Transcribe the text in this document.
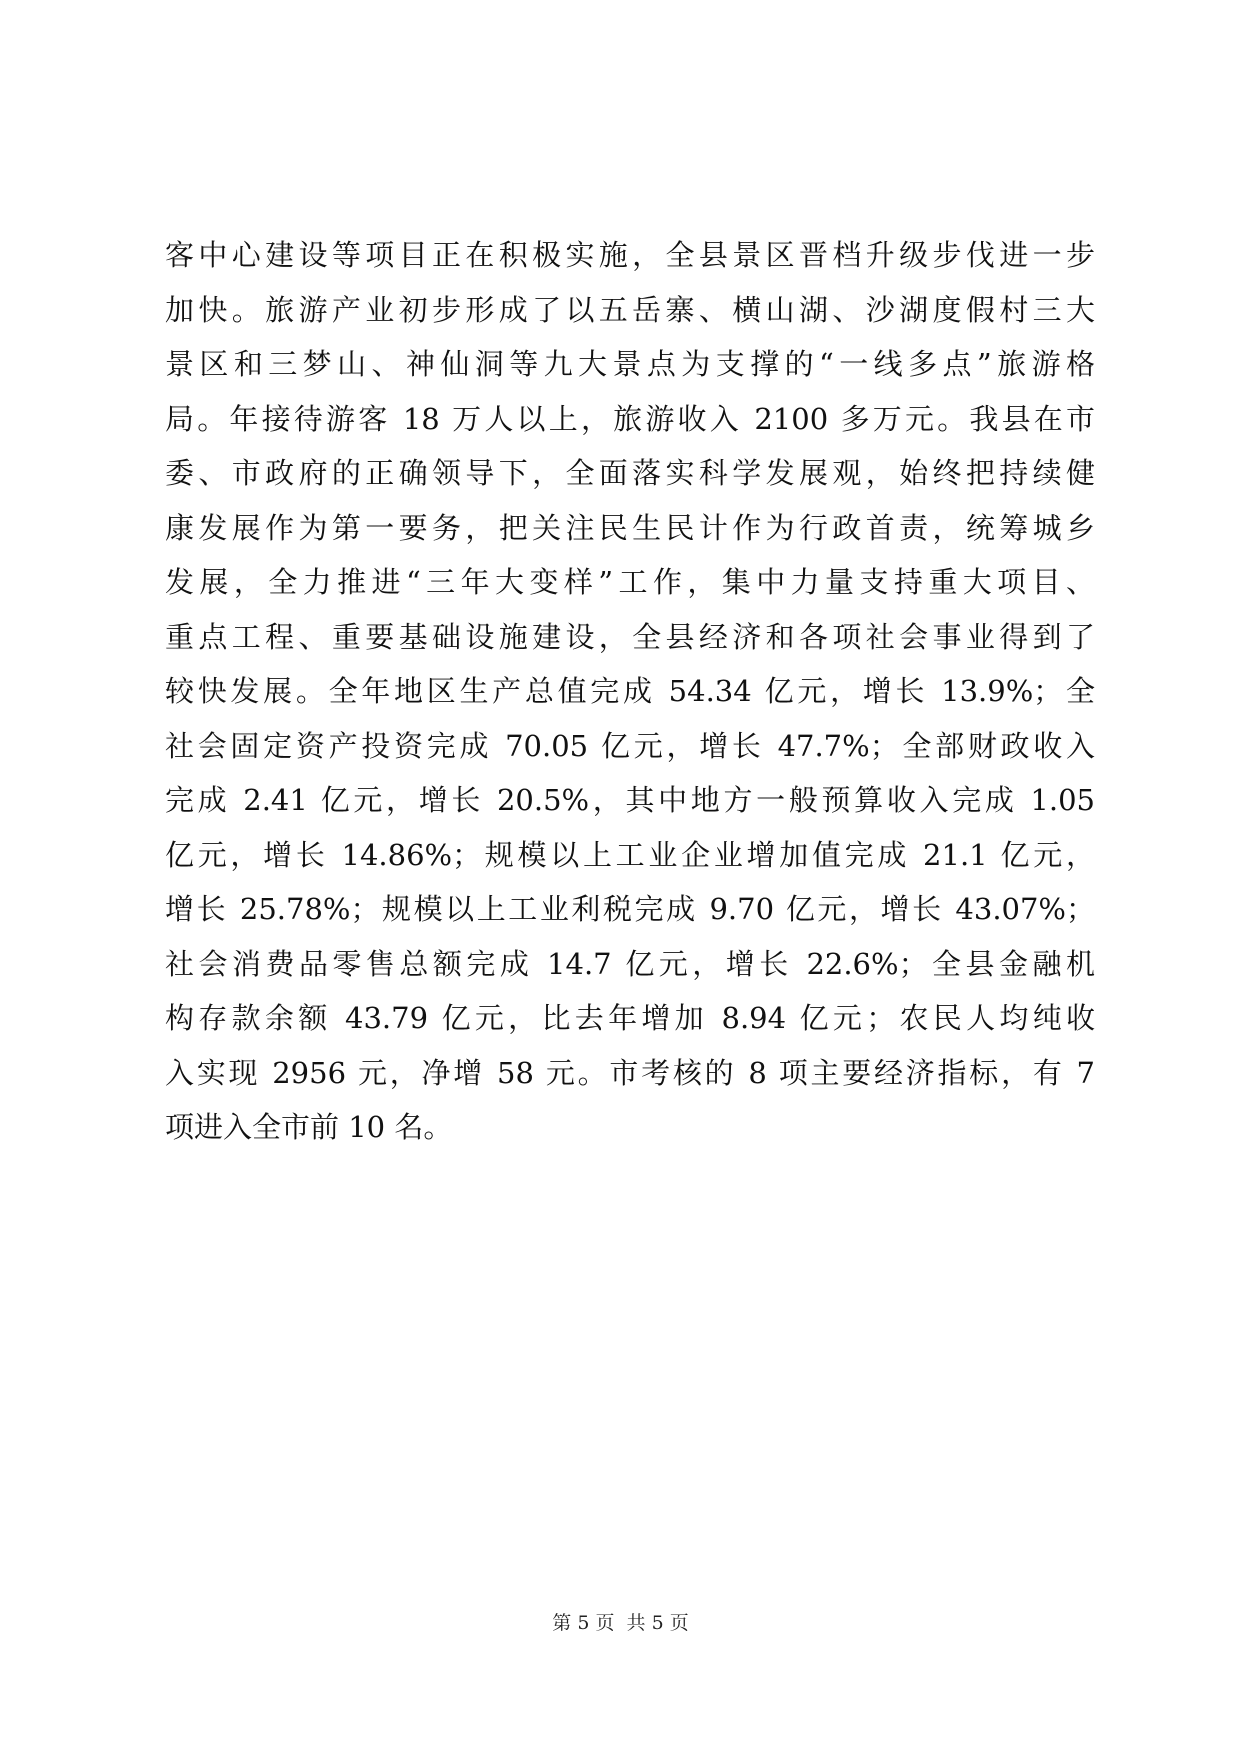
客中心建设等项目正在积极实施，全县景区晋档升级步伐进一步
加快。旅游产业初步形成了以五岳寨、横山湖、沙湖度假村三大
景区和三梦山、神仙洞等九大景点为支撑的“一线多点”旅游格
局。年接待游客 18 万人以上，旅游收入 2100 多万元。我县在市
委、市政府的正确领导下，全面落实科学发展观，始终把持续健
康发展作为第一要务，把关注民生民计作为行政首责，统筹城乡
发展，全力推进“三年大变样”工作，集中力量支持重大项目、
重点工程、重要基础设施建设，全县经济和各项社会事业得到了
较快发展。全年地区生产总值完成 54.34 亿元，增长 13.9%；全
社会固定资产投资完成 70.05 亿元，增长 47.7%；全部财政收入
完成 2.41 亿元，增长 20.5%，其中地方一般预算收入完成 1.05
亿元，增长 14.86%；规模以上工业企业增加值完成 21.1 亿元，
增长 25.78%；规模以上工业利税完成 9.70 亿元，增长 43.07%；
社会消费品零售总额完成 14.7 亿元，增长 22.6%；全县金融机
构存款余额 43.79 亿元，比去年增加 8.94 亿元；农民人均纯收
入实现 2956 元，净增 58 元。市考核的 8 项主要经济指标，有 7
项进入全市前 10 名。
第 5 页  共 5 页
